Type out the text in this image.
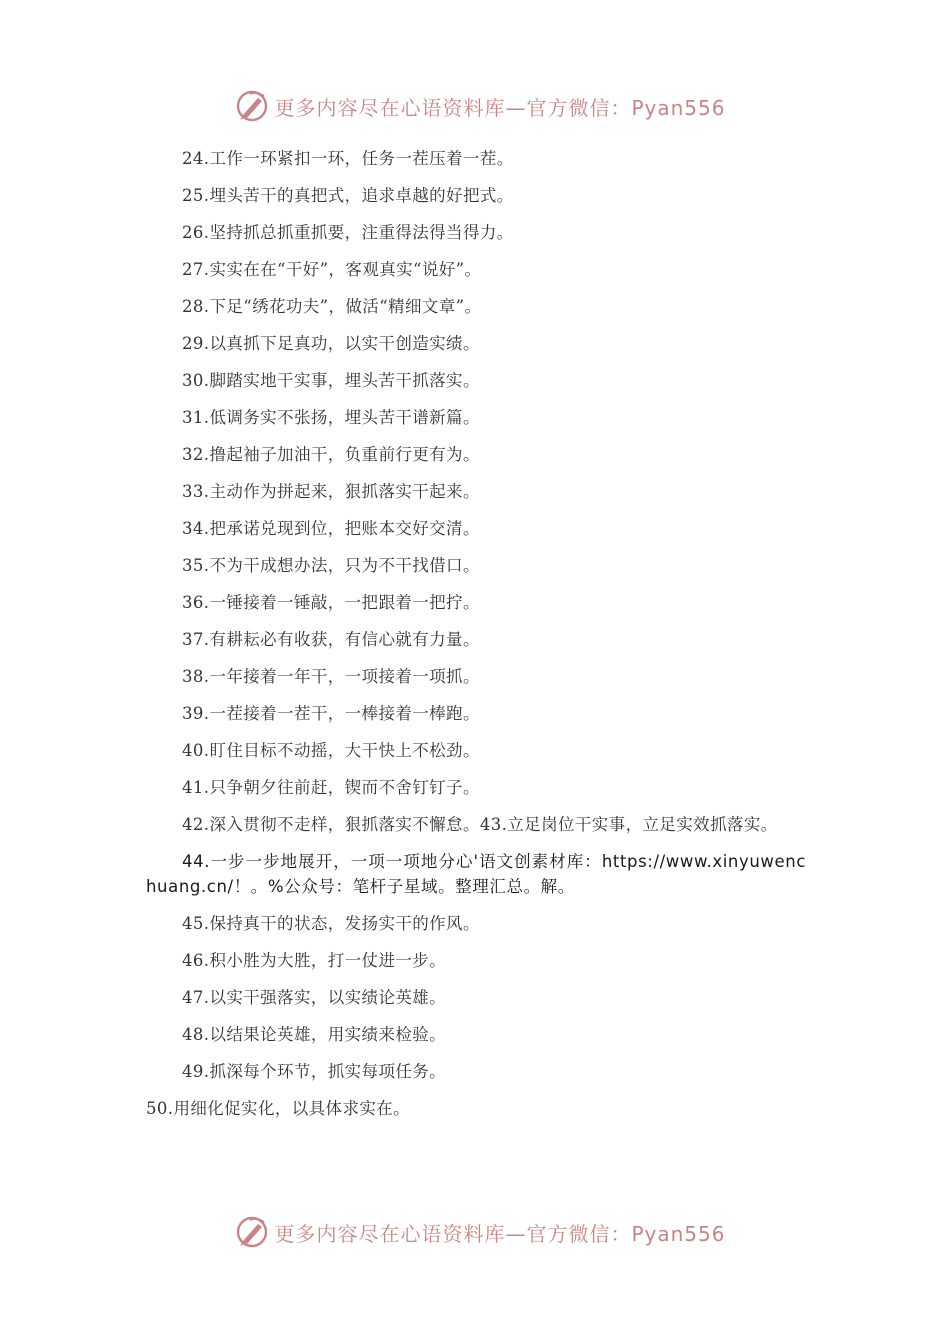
更多内容尽在心语资料库—官方微信：Pyan556
24.工作一环紧扣一环，任务一茬压着一茬。
25.埋头苦干的真把式，追求卓越的好把式。
26.坚持抓总抓重抓要，注重得法得当得力。
27.实实在在“干好”，客观真实“说好”。
28.下足“绣花功夫”，做活“精细文章”。
29.以真抓下足真功，以实干创造实绩。
30.脚踏实地干实事，埋头苦干抓落实。
31.低调务实不张扬，埋头苦干谱新篇。
32.撸起袖子加油干，负重前行更有为。
33.主动作为拼起来，狠抓落实干起来。
34.把承诺兑现到位，把账本交好交清。
35.不为干成想办法，只为不干找借口。
36.一锤接着一锤敲，一把跟着一把拧。
37.有耕耘必有收获，有信心就有力量。
38.一年接着一年干，一项接着一项抓。
39.一茬接着一茬干，一棒接着一棒跑。
40.盯住目标不动摇，大干快上不松劲。
41.只争朝夕往前赶，锲而不舍钉钉子。
42.深入贯彻不走样，狠抓落实不懈怠。43.立足岗位干实事，立足实效抓落实。
44.一步一步地展开，一项一项地分心'语文创素材库：https://www.xinyuwenchuang.cn/！。%公众号：笔杆子星域。整理汇总。解。
45.保持真干的状态，发扬实干的作风。
46.积小胜为大胜，打一仗进一步。
47.以实干强落实，以实绩论英雄。
48.以结果论英雄，用实绩来检验。
49.抓深每个环节，抓实每项任务。
50.用细化促实化，以具体求实在。
更多内容尽在心语资料库—官方微信：Pyan556
